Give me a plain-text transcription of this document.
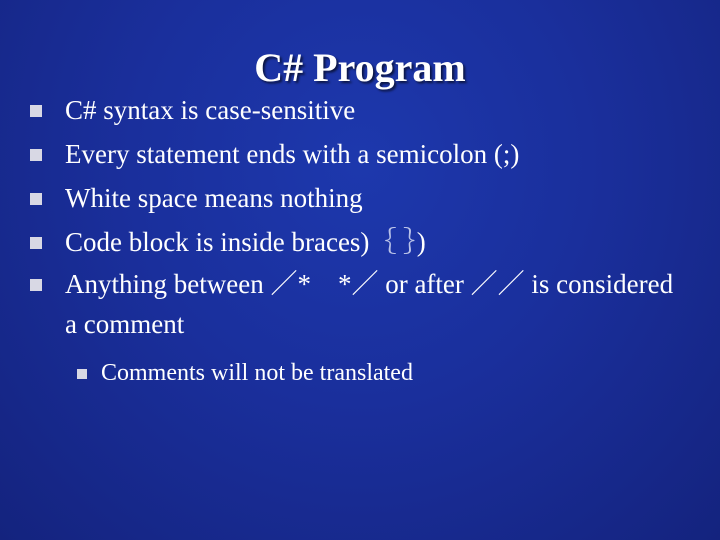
C# Program
C# syntax is case-sensitive
Every statement ends with a semicolon (;)
White space means nothing
Code block is inside braces)｛ ｝)
Anything between ／*　*／ or after ／／ is considered a comment
Comments will not be translated
